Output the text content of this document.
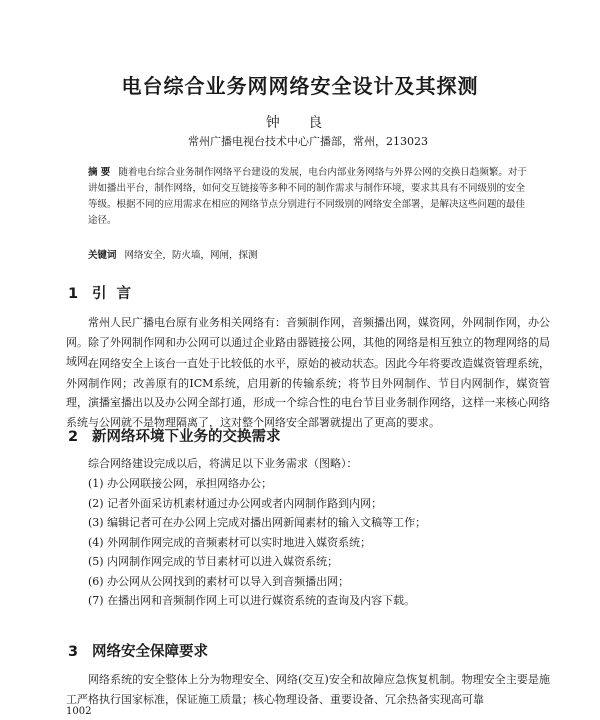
电台综合业务网网络安全设计及其探测

钟 良

常州广播电视台技术中心广播部，常州，213023

摘 要 随着电台综合业务制作网络平台建设的发展，电台内部业务网络与外界公网的交换日趋频繁。对于讲如播出平台，制作网络，如何交互链接等多种不同的制作需求与制作环境，要求其具有不同级别的安全等级。根据不同的应用需求在相应的网络节点分别进行不同级别的网络安全部署，是解决这些问题的最佳途径。

关键词 网络安全，防火墙，网闸，探测

1 引言

常州人民广播电台原有业务相关网络有：音频制作网，音频播出网，媒资网，外网制作网，办公网。除了外网制作网和办公网可以通过企业路由器链接公网，其他的网络是相互独立的物理网络的局域网。

在网络安全上该台一直处于比较低的水平，原始的被动状态。因此今年将要改造媒资管理系统，外网制作网；改善原有的ICM系统，启用新的传输系统；将节目外网制作、节目内网制作，媒资管理，演播室播出以及办公网全部打通，形成一个综合性的电台节目业务制作网络，这样一来核心网络系统与公网就不是物理隔离了，这对整个网络安全部署就提出了更高的要求。

2 新网络环境下业务的交换需求

综合网络建设完成以后，将满足以下业务需求（图略）：

(1) 办公网联接公网，承担网络办公；
(2) 记者外面采访机素材通过办公网或者内网制作路到内网；
(3) 编辑记者可在办公网上完成对播出网新闻素材的输入文稿等工作；
(4) 外网制作网完成的音频素材可以实时地进入媒资系统；
(5) 内网制作网完成的节目素材可以进入媒资系统；
(6) 办公网从公网找到的素材可以导入到音频播出网；
(7) 在播出网和音频制作网上可以进行媒资系统的查询及内容下载。
3 网络安全保障要求

网络系统的安全整体上分为物理安全、网络(交互)安全和故障应急恢复机制。物理安全主要是施工严格执行国家标准，保证施工质量；核心物理设备、重要设备、冗余热备实现高可靠

1002
